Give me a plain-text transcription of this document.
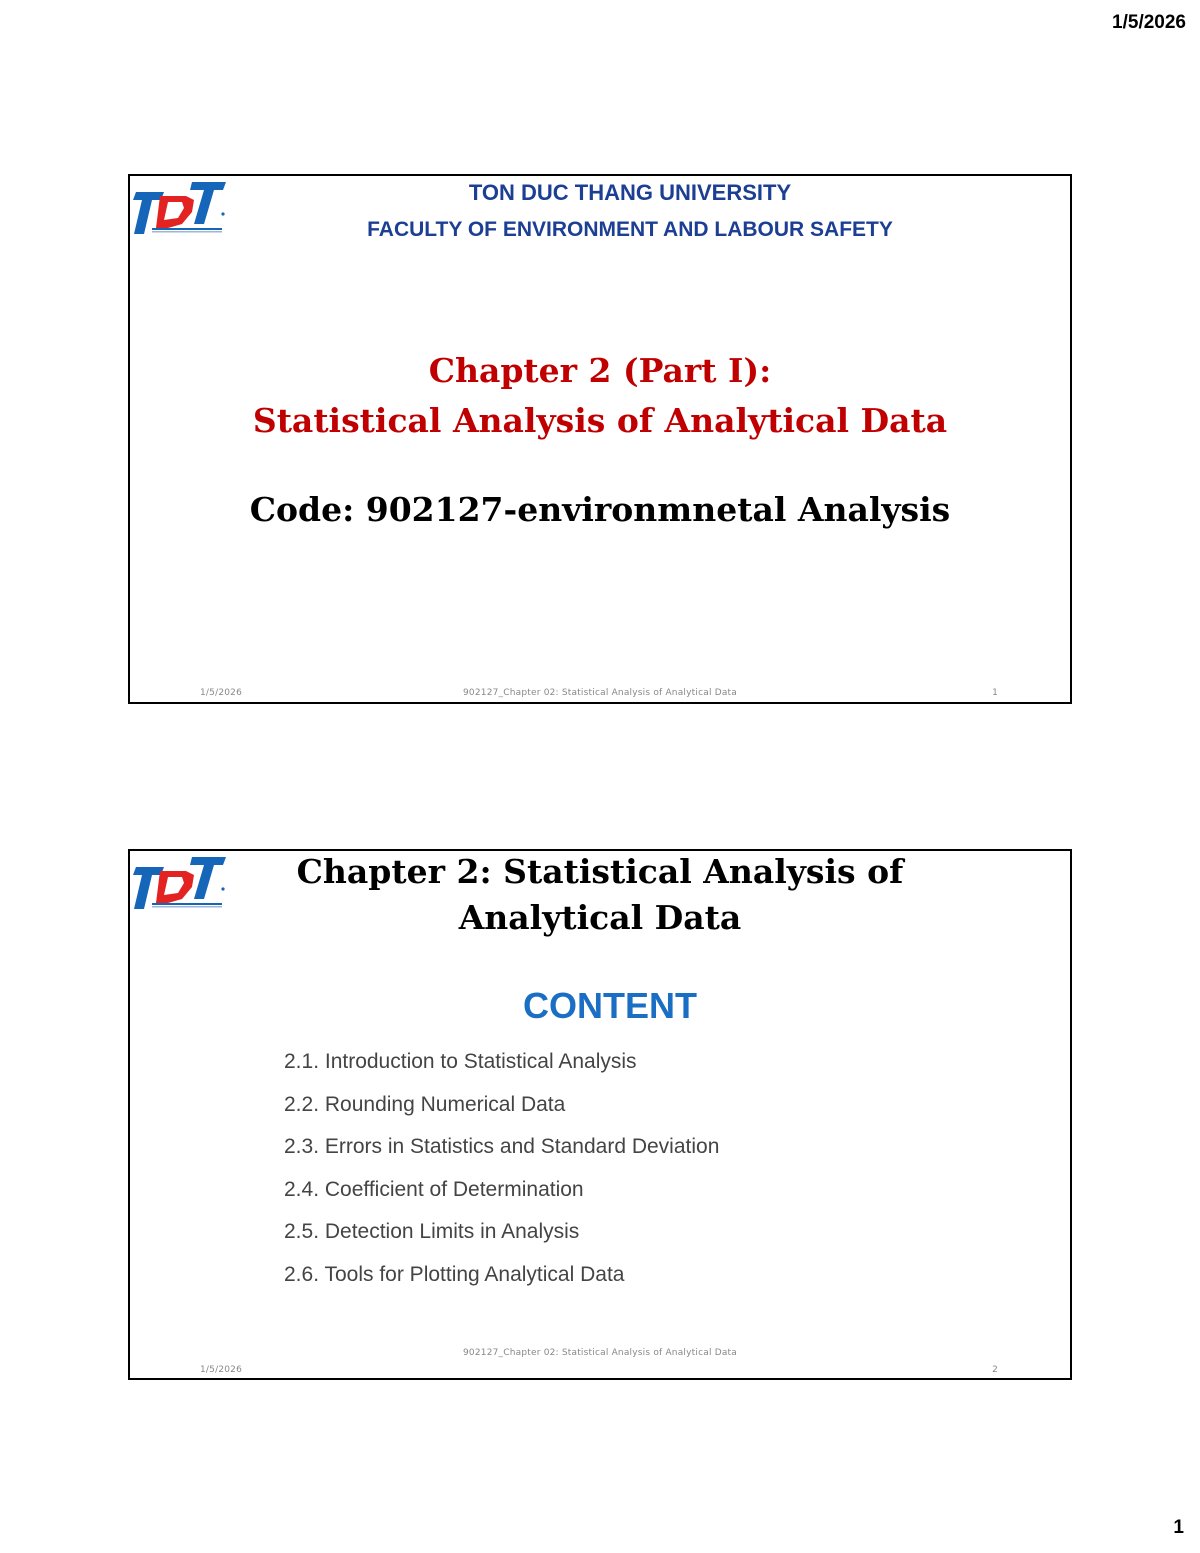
1/5/2026
TON DUC THANG UNIVERSITY
FACULTY OF ENVIRONMENT AND LABOUR SAFETY
Chapter 2 (Part I):
Statistical Analysis of Analytical Data
Code: 902127-environmnetal Analysis
1/5/2026	902127_Chapter 02: Statistical Analysis of Analytical Data	1
Chapter 2: Statistical Analysis of
Analytical Data
CONTENT
2.1. Introduction to Statistical Analysis
2.2. Rounding Numerical Data
2.3. Errors in Statistics and Standard Deviation
2.4. Coefficient of Determination
2.5. Detection Limits in Analysis
2.6. Tools for Plotting Analytical Data
902127_Chapter 02: Statistical Analysis of Analytical Data
1/5/2026	2
1
